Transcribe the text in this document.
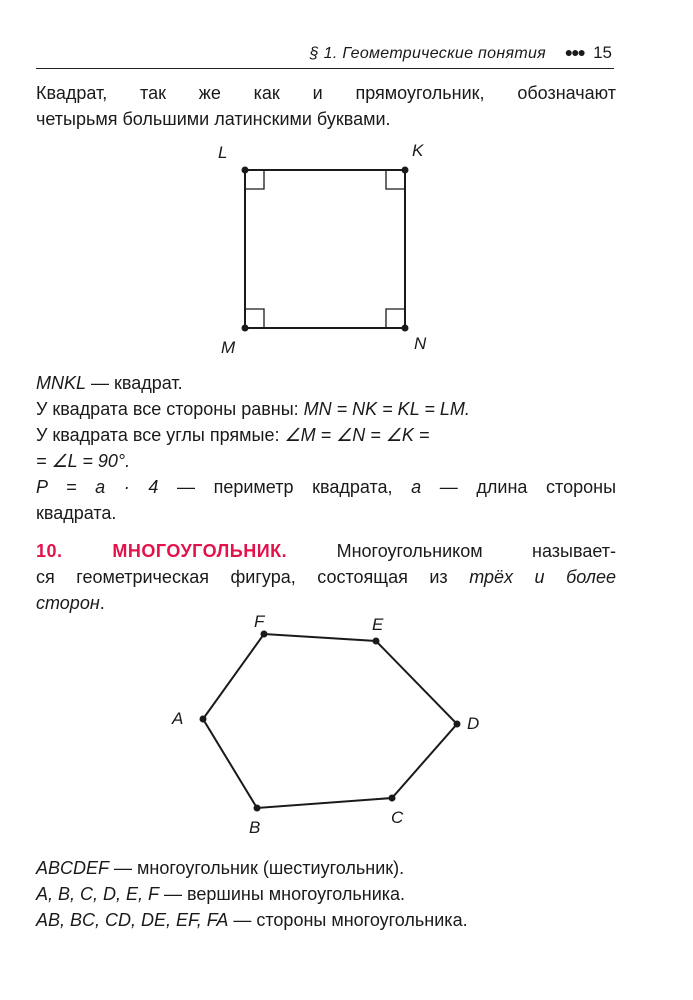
§ 1. Геометрические понятия ●●● 15

Квадрат, так же как и прямоугольник, обозначают

четырьмя большими латинскими буквами.

L	K
M	N

MNKL — квадрат.

У квадрата все стороны равны: MN = NK = KL = LM.

У квадрата все углы прямые: ∠M = ∠N = ∠K =

= ∠L = 90°.

P = a · 4 — периметр квадрата, a — длина стороны

квадрата.

10. МНОГОУГОЛЬНИК. Многоугольником называет-

ся геометрическая фигура, состоящая из трёх и более

сторон.

A
F	E
D
C
B

ABCDEF — многоугольник (шестиугольник).

A, B, C, D, E, F — вершины многоугольника.

AB, BC, CD, DE, EF, FA — стороны многоугольника.
